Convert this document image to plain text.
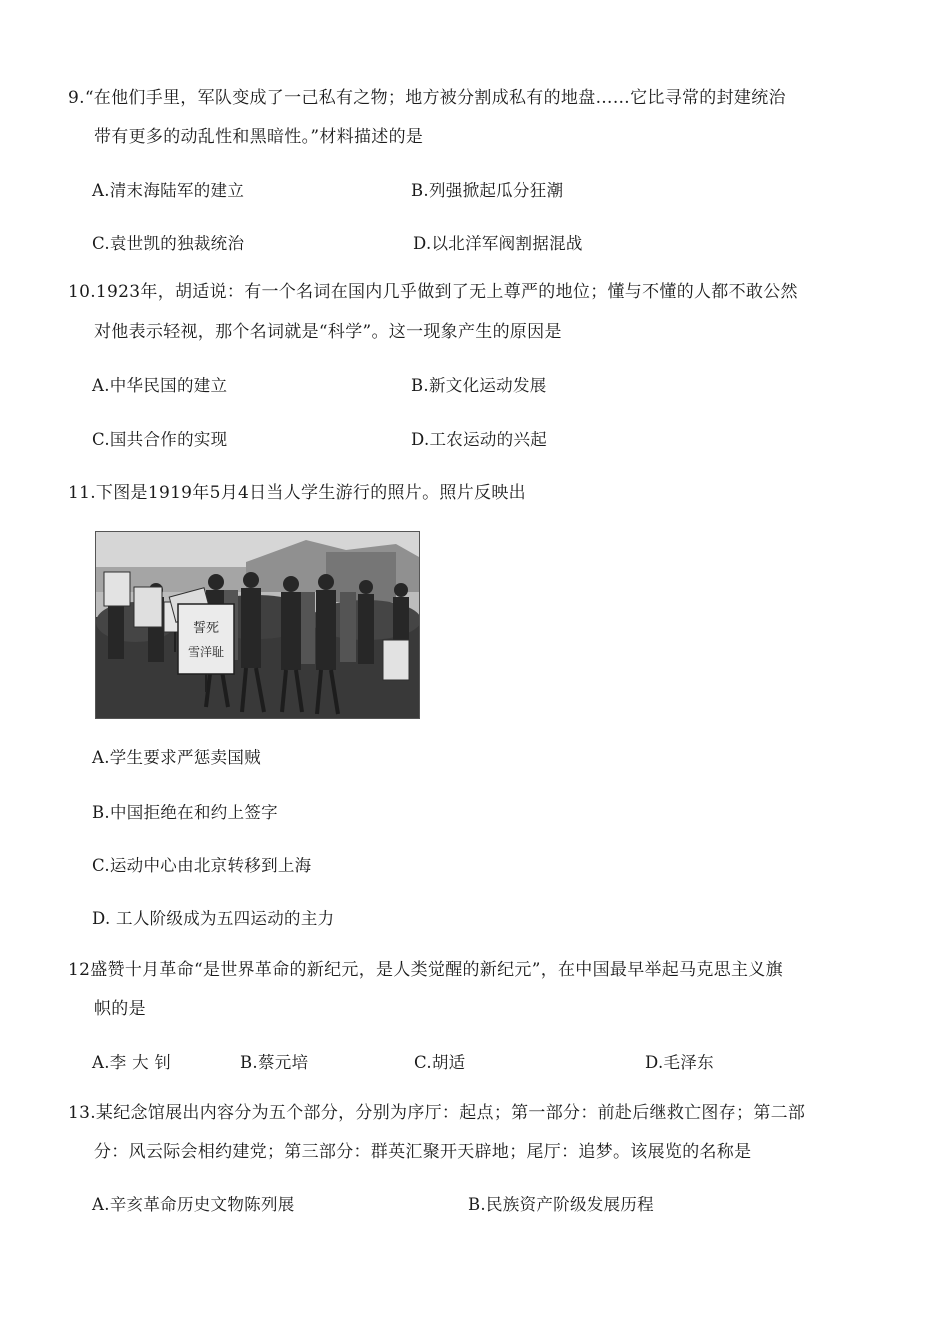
9.“在他们手里，军队变成了一己私有之物；地方被分割成私有的地盘……它比寻常的封建统治
带有更多的动乱性和黑暗性。”材料描述的是
A.清末海陆军的建立	B.列强掀起瓜分狂潮
C.袁世凯的独裁统治	D.以北洋军阀割据混战
10.1923年，胡适说：有一个名词在国内几乎做到了无上尊严的地位；懂与不懂的人都不敢公然
对他表示轻视，那个名词就是“科学”。这一现象产生的原因是
A.中华民国的建立	B.新文化运动发展
C.国共合作的实现	D.工农运动的兴起
11.下图是1919年5月4日当人学生游行的照片。照片反映出
誓死
雪洋耻
A.学生要求严惩卖国贼
B.中国拒绝在和约上签字
C.运动中心由北京转移到上海
D. 工人阶级成为五四运动的主力
12盛赞十月革命“是世界革命的新纪元，是人类觉醒的新纪元”，在中国最早举起马克思主义旗
帜的是
A.李 大 钊	B.蔡元培	C.胡适	D.毛泽东
13.某纪念馆展出内容分为五个部分，分别为序厅：起点；第一部分：前赴后继救亡图存；第二部
分：风云际会相约建党；第三部分：群英汇聚开天辟地；尾厅：追梦。该展览的名称是
A.辛亥革命历史文物陈列展	B.民族资产阶级发展历程
